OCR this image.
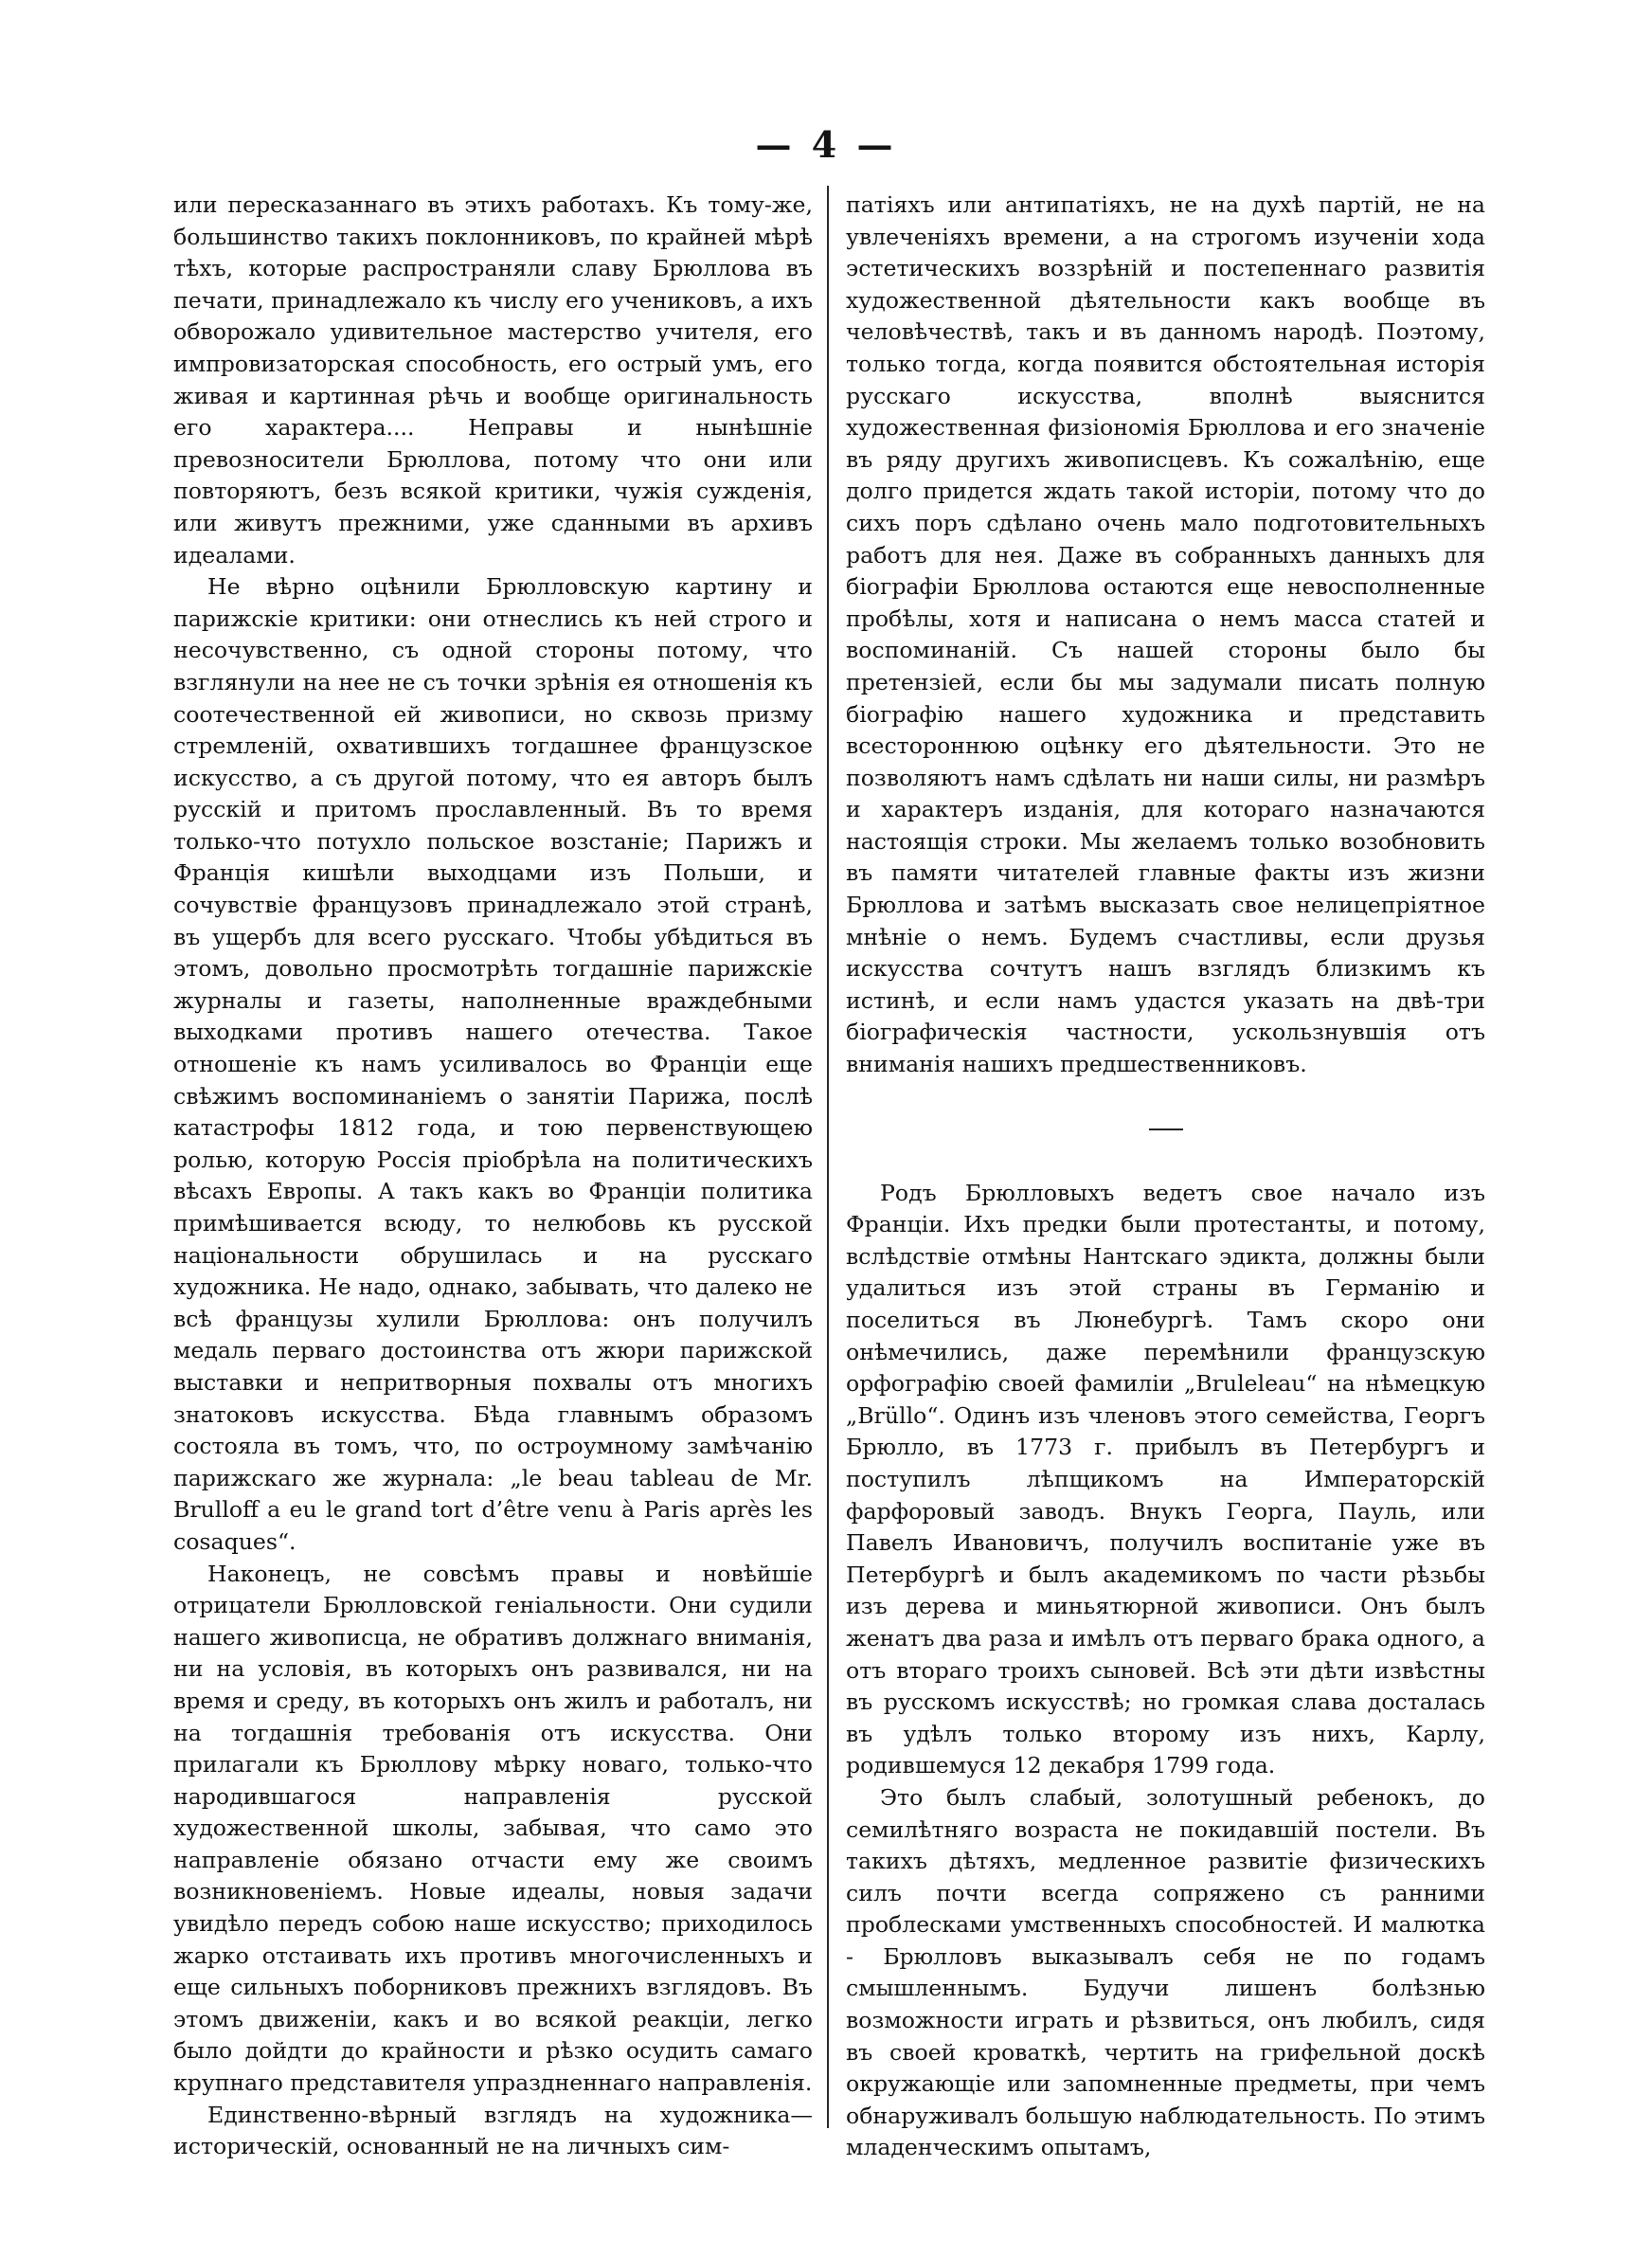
— 4 —

или пересказаннаго въ этихъ работахъ. Къ тому-же, большинство такихъ поклонниковъ, по крайней мѣрѣ тѣхъ, которые распространяли славу Брюллова въ печати, принадлежало къ числу его учениковъ, а ихъ обворожало удивительное мастерство учителя, его импровизаторская способность, его острый умъ, его живая и картинная рѣчь и вообще оригинальность его характера.... Неправы и нынѣшніе превозносители Брюллова, потому что они или повторяютъ, безъ всякой критики, чужія сужденія, или живутъ прежними, уже сданными въ архивъ идеалами.

Не вѣрно оцѣнили Брюлловскую картину и парижскіе критики: они отнеслись къ ней строго и несочувственно, съ одной стороны потому, что взглянули на нее не съ точки зрѣнія ея отношенія къ соотечественной ей живописи, но сквозь призму стремленій, охватившихъ тогдашнее французское искусство, а съ другой потому, что ея авторъ былъ русскій и притомъ прославленный. Въ то время только-что потухло польское возстаніе; Парижъ и Франція кишѣли выходцами изъ Польши, и сочувствіе французовъ принадлежало этой странѣ, въ ущербъ для всего русскаго. Чтобы убѣдиться въ этомъ, довольно просмотрѣть тогдашніе парижскіе журналы и газеты, наполненные враждебными выходками противъ нашего отечества. Такое отношеніе къ намъ усиливалось во Франціи еще свѣжимъ воспоминаніемъ о занятіи Парижа, послѣ катастрофы 1812 года, и тою первенствующею ролью, которую Россія пріобрѣла на политическихъ вѣсахъ Европы. А такъ какъ во Франціи политика примѣшивается всюду, то нелюбовь къ русской національности обрушилась и на русскаго художника. Не надо, однако, забывать, что далеко не всѣ французы хулили Брюллова: онъ получилъ медаль перваго достоинства отъ жюри парижской выставки и непритворныя похвалы отъ многихъ знатоковъ искусства. Бѣда главнымъ образомъ состояла въ томъ, что, по остроумному замѣчанію парижскаго же журнала: „le beau tableau de Mr. Brulloff a eu le grand tort d’être venu à Paris après les cosaques“.

Наконецъ, не совсѣмъ правы и новѣйшіе отрицатели Брюлловской геніальности. Они судили нашего живописца, не обративъ должнаго вниманія, ни на условія, въ которыхъ онъ развивался, ни на время и среду, въ которыхъ онъ жилъ и работалъ, ни на тогдашнія требованія отъ искусства. Они прилагали къ Брюллову мѣрку новаго, только-что народившагося направленія русской художественной школы, забывая, что само это направленіе обязано отчасти ему же своимъ возникновеніемъ. Новые идеалы, новыя задачи увидѣло передъ собою наше искусство; приходилось жарко отстаивать ихъ противъ многочисленныхъ и еще сильныхъ поборниковъ прежнихъ взглядовъ. Въ этомъ движеніи, какъ и во всякой реакціи, легко было дойдти до крайности и рѣзко осудить самаго крупнаго представителя упраздненнаго направленія.

Единственно-вѣрный взглядъ на художника— историческій, основанный не на личныхъ сим-

патіяхъ или антипатіяхъ, не на духѣ партій, не на увлеченіяхъ времени, а на строгомъ изученіи хода эстетическихъ воззрѣній и постепеннаго развитія художественной дѣятельности какъ вообще въ человѣчествѣ, такъ и въ данномъ народѣ. Поэтому, только тогда, когда появится обстоятельная исторія русскаго искусства, вполнѣ выяснится художественная физіономія Брюллова и его значеніе въ ряду другихъ живописцевъ. Къ сожалѣнію, еще долго придется ждать такой исторіи, потому что до сихъ поръ сдѣлано очень мало подготовительныхъ работъ для нея. Даже въ собранныхъ данныхъ для біографіи Брюллова остаются еще невосполненные пробѣлы, хотя и написана о немъ масса статей и воспоминаній. Съ нашей стороны было бы претензіей, если бы мы задумали писать полную біографію нашего художника и представить всестороннюю оцѣнку его дѣятельности. Это не позволяютъ намъ сдѣлать ни наши силы, ни размѣръ и характеръ изданія, для котораго назначаются настоящія строки. Мы желаемъ только возобновить въ памяти читателей главные факты изъ жизни Брюллова и затѣмъ высказать свое нелицепріятное мнѣніе о немъ. Будемъ счастливы, если друзья искусства сочтутъ нашъ взглядъ близкимъ къ истинѣ, и если намъ удастся указать на двѣ-три біографическія частности, ускользнувшія отъ вниманія нашихъ предшественниковъ.

Родъ Брюлловыхъ ведетъ свое начало изъ Франціи. Ихъ предки были протестанты, и потому, вслѣдствіе отмѣны Нантскаго эдикта, должны были удалиться изъ этой страны въ Германію и поселиться въ Люнебургѣ. Тамъ скоро они онѣмечились, даже перемѣнили французскую орфографію своей фамиліи „Bruleleau“ на нѣмецкую „Brüllo“. Одинъ изъ членовъ этого семейства, Георгъ Брюлло, въ 1773 г. прибылъ въ Петербургъ и поступилъ лѣпщикомъ на Императорскій фарфоровый заводъ. Внукъ Георга, Пауль, или Павелъ Ивановичъ, получилъ воспитаніе уже въ Петербургѣ и былъ академикомъ по части рѣзьбы изъ дерева и миньятюрной живописи. Онъ былъ женатъ два раза и имѣлъ отъ перваго брака одного, а отъ втораго троихъ сыновей. Всѣ эти дѣти извѣстны въ русскомъ искусствѣ; но громкая слава досталась въ удѣлъ только второму изъ нихъ, Карлу, родившемуся 12 декабря 1799 года.

Это былъ слабый, золотушный ребенокъ, до семилѣтняго возраста не покидавшій постели. Въ такихъ дѣтяхъ, медленное развитіе физическихъ силъ почти всегда сопряжено съ ранними проблесками умственныхъ способностей. И малютка - Брюлловъ выказывалъ себя не по годамъ смышленнымъ. Будучи лишенъ болѣзнью возможности играть и рѣзвиться, онъ любилъ, сидя въ своей кроваткѣ, чертить на грифельной доскѣ окружающіе или запомненные предметы, при чемъ обнаруживалъ большую наблюдательность. По этимъ младенческимъ опытамъ,
